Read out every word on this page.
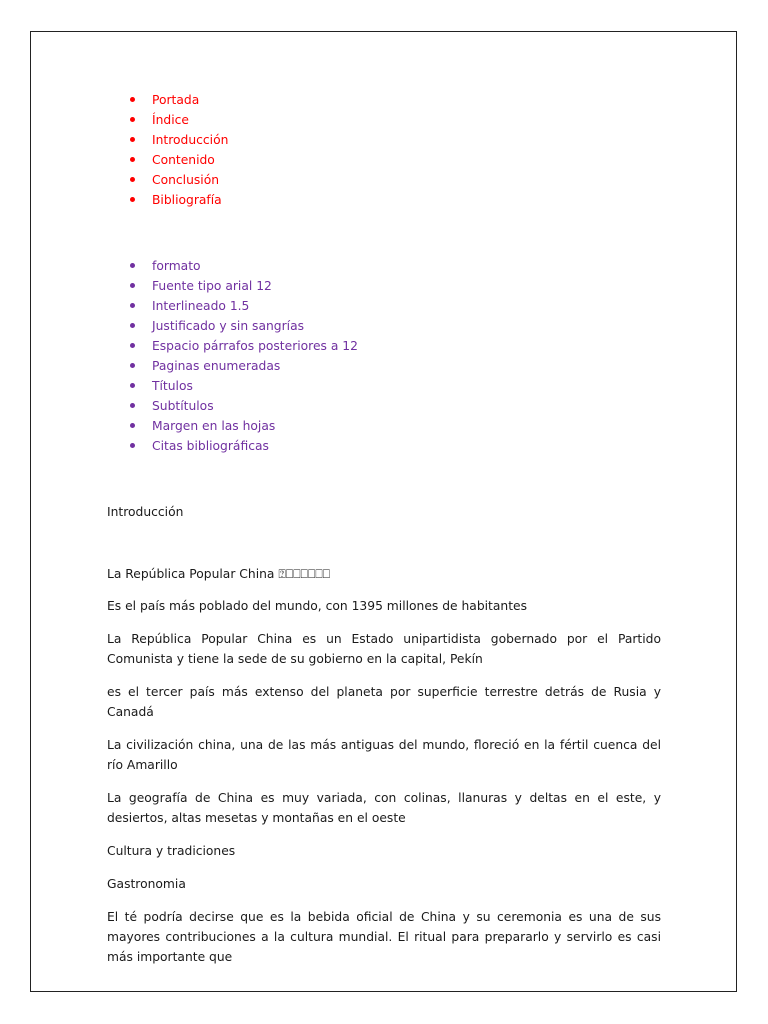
Portada
Índice
Introducción
Contenido
Conclusión
Bibliografía
formato
Fuente tipo arial 12
Interlineado 1.5
Justificado y sin sangrías
Espacio párrafos posteriores a 12
Paginas enumeradas
Títulos
Subtítulos
Margen en las hojas
Citas bibliográficas

Introducción

La República Popular China ⍰⎕⎕⎕⎕⎕⎕

Es el país más poblado del mundo, con 1395 millones de habitantes

La República Popular China es un Estado unipartidista gobernado por el Partido Comunista y tiene la sede de su gobierno en la capital, Pekín

es el tercer país más extenso del planeta por superficie terrestre detrás de Rusia y Canadá

La civilización china, una de las más antiguas del mundo, floreció en la fértil cuenca del río Amarillo

La geografía de China es muy variada, con colinas, llanuras y deltas en el este, y desiertos, altas mesetas y montañas en el oeste

Cultura y tradiciones

Gastronomia

El té podría decirse que es la bebida oficial de China y su ceremonia es una de sus mayores contribuciones a la cultura mundial. El ritual para prepararlo y servirlo es casi más importante que
